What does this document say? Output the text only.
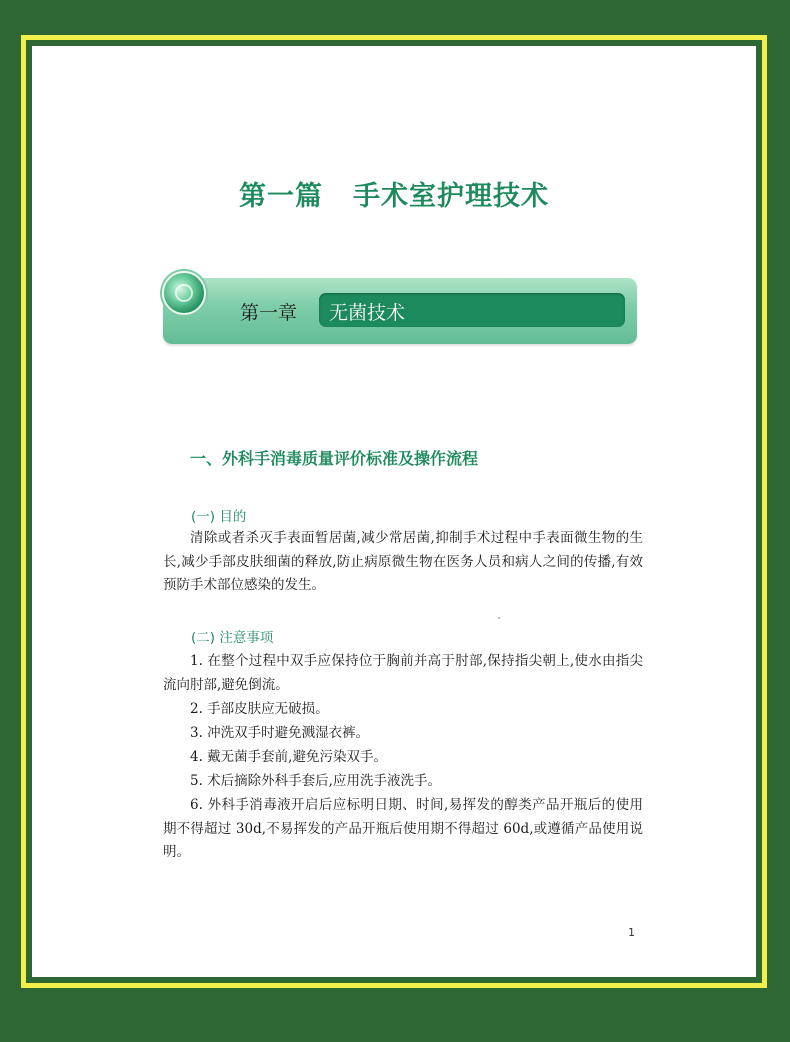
第一篇 手术室护理技术
第一章 无菌技术
一、外科手消毒质量评价标准及操作流程
(一) 目的
清除或者杀灭手表面暂居菌,减少常居菌,抑制手术过程中手表面微生物的生长,减少手部皮肤细菌的释放,防止病原微生物在医务人员和病人之间的传播,有效预防手术部位感染的发生。
(二) 注意事项
1. 在整个过程中双手应保持位于胸前并高于肘部,保持指尖朝上,使水由指尖流向肘部,避免倒流。
2. 手部皮肤应无破损。
3. 冲洗双手时避免溅湿衣裤。
4. 戴无菌手套前,避免污染双手。
5. 术后摘除外科手套后,应用洗手液洗手。
6. 外科手消毒液开启后应标明日期、时间,易挥发的醇类产品开瓶后的使用期不得超过 30d,不易挥发的产品开瓶后使用期不得超过 60d,或遵循产品使用说明。
1
